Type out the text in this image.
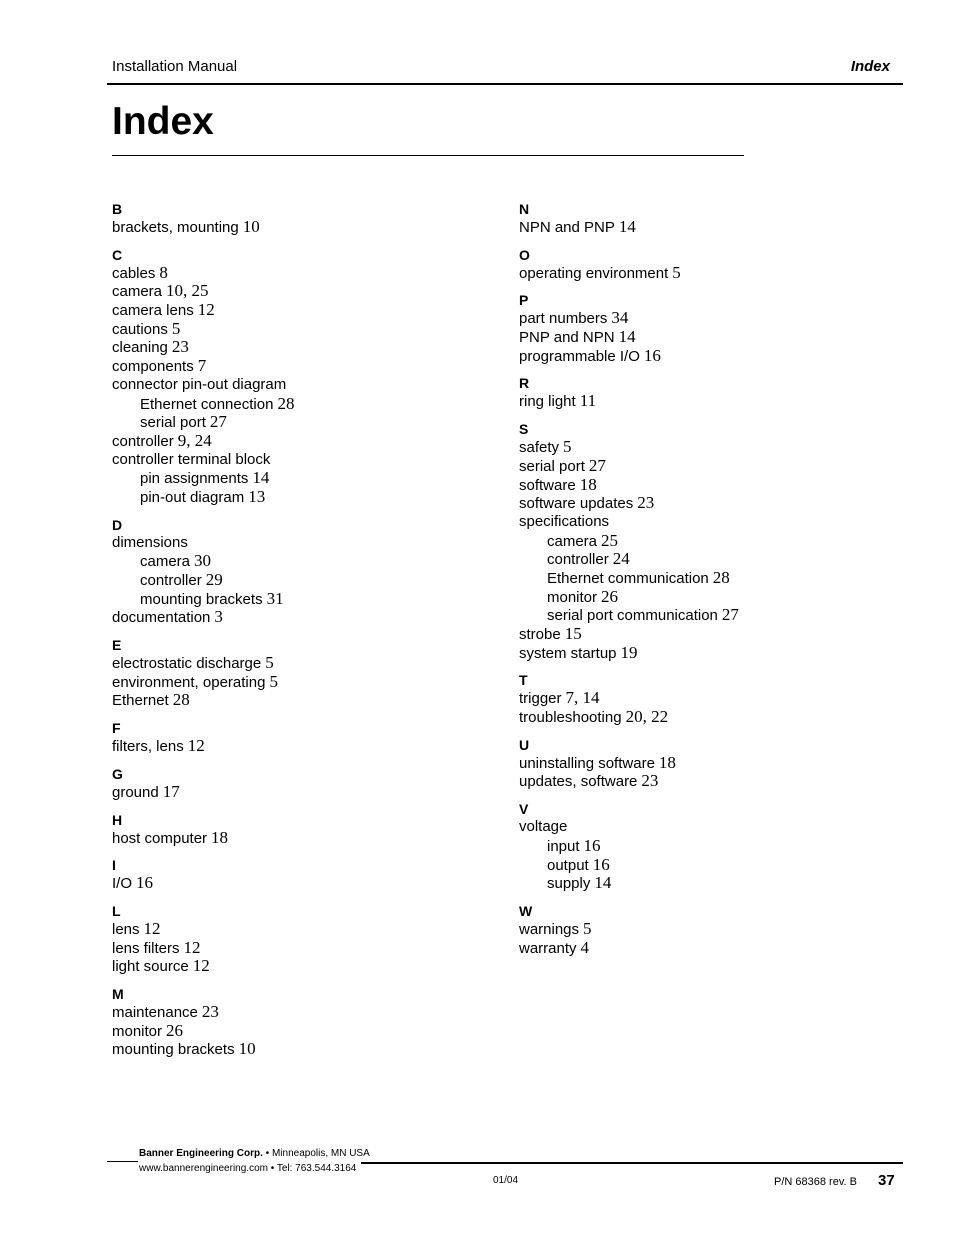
Installation Manual	Index
Index
B
brackets, mounting 10
C
cables 8
camera 10, 25
camera lens 12
cautions 5
cleaning 23
components 7
connector pin-out diagram
Ethernet connection 28
serial port 27
controller 9, 24
controller terminal block
pin assignments 14
pin-out diagram 13
D
dimensions
camera 30
controller 29
mounting brackets 31
documentation 3
E
electrostatic discharge 5
environment, operating 5
Ethernet 28
F
filters, lens 12
G
ground 17
H
host computer 18
I
I/O 16
L
lens 12
lens filters 12
light source 12
M
maintenance 23
monitor 26
mounting brackets 10
N
NPN and PNP 14
O
operating environment 5
P
part numbers 34
PNP and NPN 14
programmable I/O 16
R
ring light 11
S
safety 5
serial port 27
software 18
software updates 23
specifications
camera 25
controller 24
Ethernet communication 28
monitor 26
serial port communication 27
strobe 15
system startup 19
T
trigger 7, 14
troubleshooting 20, 22
U
uninstalling software 18
updates, software 23
V
voltage
input 16
output 16
supply 14
W
warnings 5
warranty 4
Banner Engineering Corp. • Minneapolis, MN USA
www.bannerengineering.com • Tel: 763.544.3164
01/04	P/N 68368 rev. B 37
